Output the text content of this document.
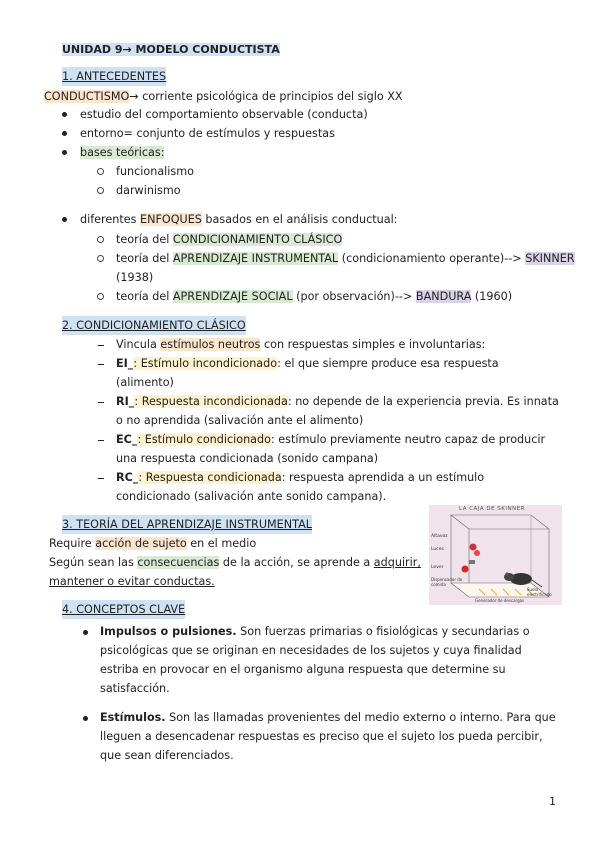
UNIDAD 9→ MODELO CONDUCTISTA
1. ANTECEDENTES
CONDUCTISMO→ corriente psicológica de principios del siglo XX
estudio del comportamiento observable (conducta)
entorno= conjunto de estímulos y respuestas
bases teóricas:
funcionalismo
darwinismo
diferentes ENFOQUES basados en el análisis conductual:
teoría del CONDICIONAMIENTO CLÁSICO
teoría del APRENDIZAJE INSTRUMENTAL (condicionamiento operante)--> SKINNER
(1938)
teoría del APRENDIZAJE SOCIAL (por observación)--> BANDURA (1960)
2. CONDICIONAMIENTO CLÁSICO
Vincula estímulos neutros con respuestas simples e involuntarias:
EI_: Estímulo incondicionado: el que siempre produce esa respuesta
(alimento)
RI_: Respuesta incondicionada: no depende de la experiencia previa. Es innata
o no aprendida (salivación ante el alimento)
EC_: Estímulo condicionado: estímulo previamente neutro capaz de producir
una respuesta condicionada (sonido campana)
RC_: Respuesta condicionada: respuesta aprendida a un estímulo
condicionado (salivación ante sonido campana).
3. TEORÍA DEL APRENDIZAJE INSTRUMENTAL
Require acción de sujeto en el medio
Según sean las consecuencias de la acción, se aprende a adquirir,
mantener o evitar conductas.
LA CAJA DE SKINNER
Altavoz
Luces
Lever
Dispensador de comida
Suelo electrificado
Generador de descargas
4. CONCEPTOS CLAVE
Impulsos o pulsiones. Son fuerzas primarias o fisiológicas y secundarias o
psicológicas que se originan en necesidades de los sujetos y cuya finalidad
estriba en provocar en el organismo alguna respuesta que determine su
satisfacción.
Estímulos. Son las llamadas provenientes del medio externo o interno. Para que
lleguen a desencadenar respuestas es preciso que el sujeto los pueda percibir,
que sean diferenciados.
1
